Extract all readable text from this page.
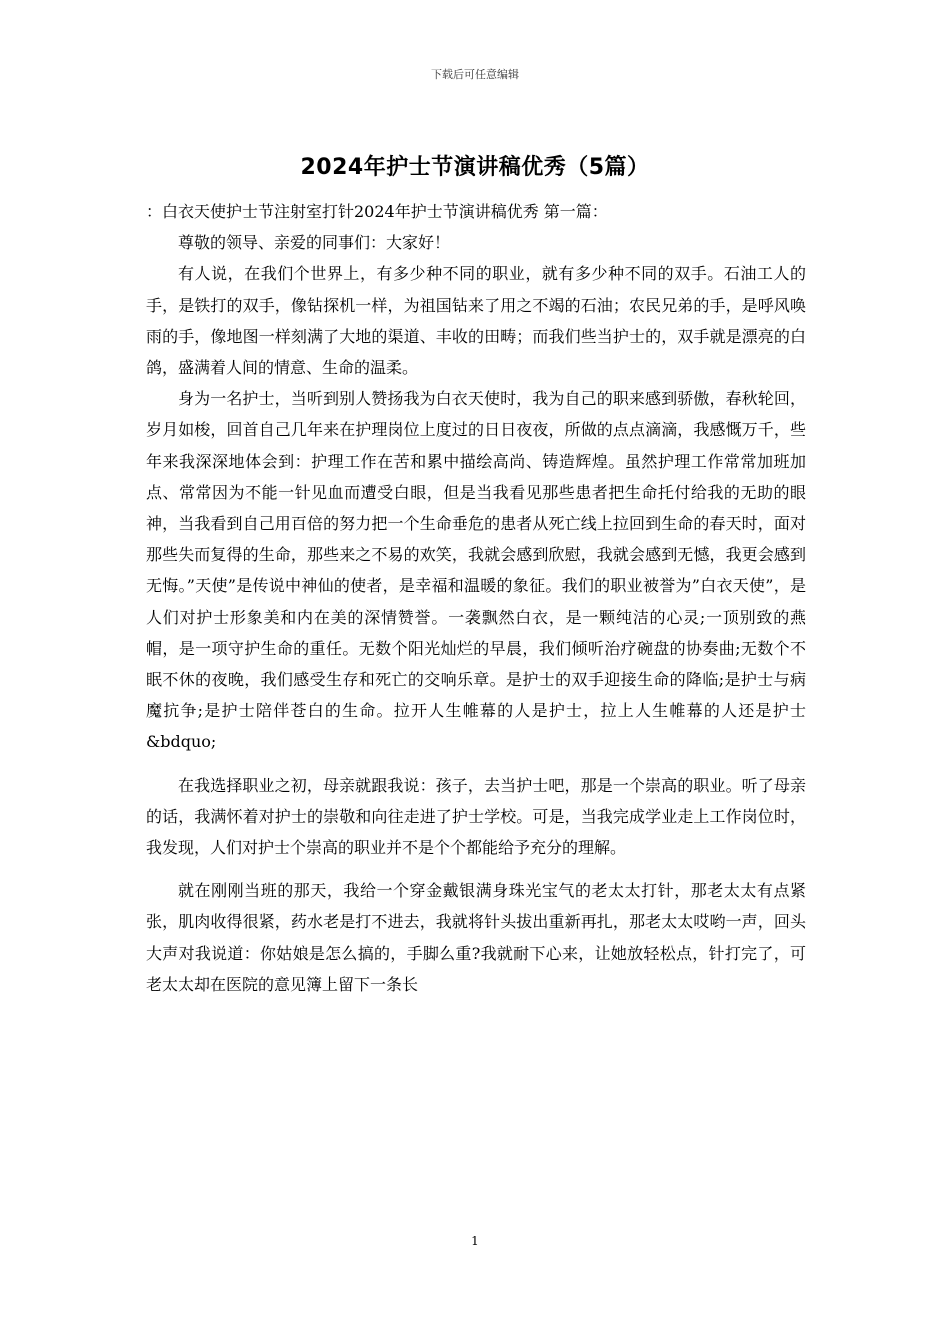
下载后可任意编辑
2024年护士节演讲稿优秀（5篇）

：白衣天使护士节注射室打针2024年护士节演讲稿优秀 第一篇：

尊敬的领导、亲爱的同事们：大家好！

有人说，在我们个世界上，有多少种不同的职业，就有多少种不同的双手。石油工人的手，是铁打的双手，像钻探机一样，为祖国钻来了用之不竭的石油；农民兄弟的手，是呼风唤雨的手，像地图一样刻满了大地的渠道、丰收的田畴；而我们些当护士的，双手就是漂亮的白鸽，盛满着人间的情意、生命的温柔。

身为一名护士，当听到别人赞扬我为白衣天使时，我为自己的职来感到骄傲，春秋轮回，岁月如梭，回首自己几年来在护理岗位上度过的日日夜夜，所做的点点滴滴，我感慨万千，些年来我深深地体会到：护理工作在苦和累中描绘高尚、铸造辉煌。虽然护理工作常常加班加点、常常因为不能一针见血而遭受白眼，但是当我看见那些患者把生命托付给我的无助的眼神，当我看到自己用百倍的努力把一个生命垂危的患者从死亡线上拉回到生命的春天时，面对那些失而复得的生命，那些来之不易的欢笑，我就会感到欣慰，我就会感到无憾，我更会感到无悔。”天使”是传说中神仙的使者，是幸福和温暖的象征。我们的职业被誉为”白衣天使”，是人们对护士形象美和内在美的深情赞誉。一袭飘然白衣，是一颗纯洁的心灵;一顶别致的燕帽，是一项守护生命的重任。无数个阳光灿烂的早晨，我们倾听治疗碗盘的协奏曲;无数个不眠不休的夜晚，我们感受生存和死亡的交响乐章。是护士的双手迎接生命的降临;是护士与病魔抗争;是护士陪伴苍白的生命。拉开人生帷幕的人是护士，拉上人生帷幕的人还是护士&bdquo;

在我选择职业之初，母亲就跟我说：孩子，去当护士吧，那是一个崇高的职业。听了母亲的话，我满怀着对护士的崇敬和向往走进了护士学校。可是，当我完成学业走上工作岗位时，我发现，人们对护士个崇高的职业并不是个个都能给予充分的理解。

就在刚刚当班的那天，我给一个穿金戴银满身珠光宝气的老太太打针，那老太太有点紧张，肌肉收得很紧，药水老是打不进去，我就将针头拔出重新再扎，那老太太哎哟一声，回头大声对我说道：你姑娘是怎么搞的，手脚么重?我就耐下心来，让她放轻松点，针打完了，可老太太却在医院的意见簿上留下一条长

1
